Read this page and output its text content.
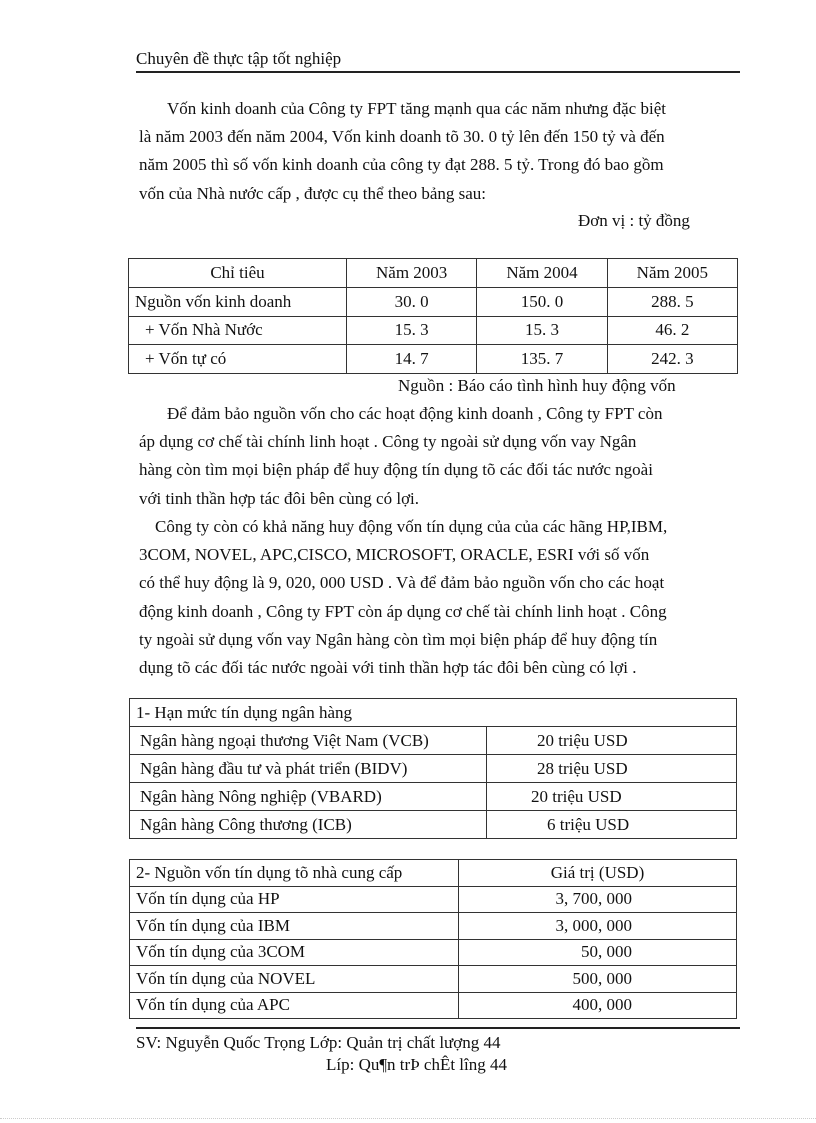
Chuyên đề thực tập tốt nghiệp
Vốn kinh doanh của Công ty FPT tăng mạnh qua các năm nhưng đặc biệt
là năm 2003 đến năm 2004, Vốn kinh doanh tõ 30. 0 tỷ lên đến 150 tỷ và đến
năm 2005 thì số vốn kinh doanh của công ty đạt 288. 5 tỷ. Trong đó bao gồm
vốn của Nhà nước cấp , được cụ thể theo bảng sau:
Đơn vị : tỷ đồng
Chỉ tiêu	Năm 2003	Năm 2004	Năm 2005
Nguồn vốn kinh doanh	30. 0	150. 0	288. 5
+ Vốn Nhà Nước	15. 3	15. 3	46. 2
+ Vốn tự có	14. 7	135. 7	242. 3
Nguồn : Báo cáo tình hình huy động vốn
Để đảm bảo nguồn vốn cho các hoạt động kinh doanh , Công ty FPT còn
áp dụng cơ chế tài chính linh hoạt . Công ty ngoài sử dụng vốn vay Ngân
hàng còn tìm mọi biện pháp để huy động tín dụng tõ các đối tác nước ngoài
với tinh thần hợp tác đôi bên cùng có lợi.
Công ty còn có khả năng huy động vốn tín dụng của của các hãng HP,IBM,
3COM, NOVEL, APC,CISCO, MICROSOFT, ORACLE, ESRI với số vốn
có thể huy động là 9, 020, 000 USD . Và để đảm bảo nguồn vốn cho các hoạt
động kinh doanh , Công ty FPT còn áp dụng cơ chế tài chính linh hoạt . Công
ty ngoài sử dụng vốn vay Ngân hàng còn tìm mọi biện pháp để huy động tín
dụng tõ các đối tác nước ngoài với tinh thần hợp tác đôi bên cùng có lợi .
1- Hạn mức tín dụng ngân hàng	
Ngân hàng ngoại thương Việt Nam (VCB)	20 triệu USD
Ngân hàng đầu tư và phát triển (BIDV)	28 triệu USD
Ngân hàng Nông nghiệp (VBARD)	20 triệu USD
Ngân hàng Công thương (ICB)	6 triệu USD
2- Nguồn vốn tín dụng tõ nhà cung cấp	Giá trị (USD)
Vốn tín dụng của HP	3, 700, 000
Vốn tín dụng của IBM	3, 000, 000
Vốn tín dụng của 3COM	50, 000
Vốn tín dụng của NOVEL	500, 000
Vốn tín dụng của APC	400, 000
SV: Nguyễn Quốc Trọng Lớp: Quản trị chất lượng 44
Líp: Qu¶n trÞ chÊt lîng 44
